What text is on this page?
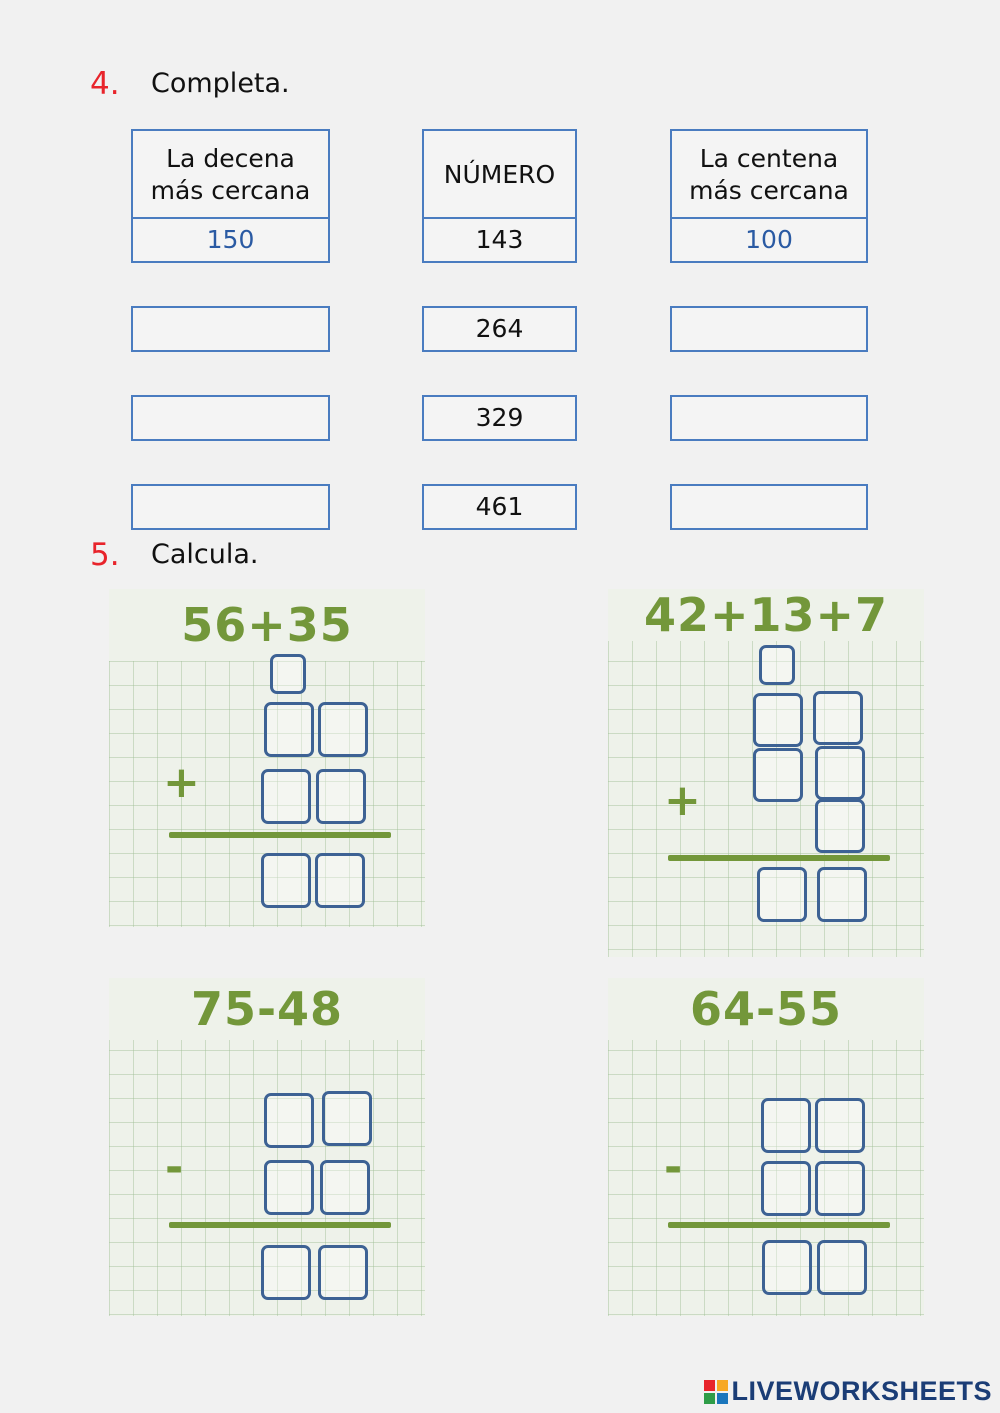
4. Completa.
La decena
más cercana
150
NÚMERO
143
La centena
más cercana
100
264
329
461
5. Calcula.
56+35
+
42+13+7
+
75-48
-
64-55
-
LIVEWORKSHEETS
